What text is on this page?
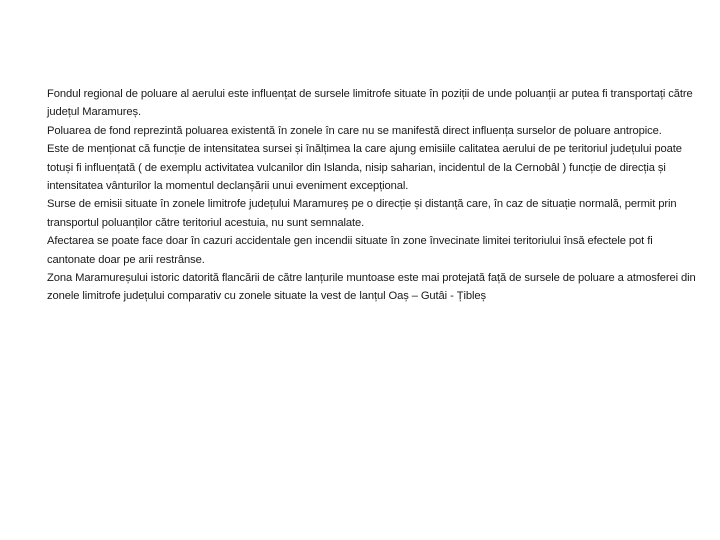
Fondul regional de poluare al aerului este influențat de sursele limitrofe situate în poziții de unde poluanții ar putea fi transportați către județul Maramureș.

Poluarea de fond reprezintă poluarea existentă în zonele în care nu se manifestă direct influența surselor de poluare antropice.

Este de menționat că funcție de intensitatea sursei și înălțimea la care ajung emisiile calitatea aerului de pe teritoriul județului poate totuși fi influențată ( de exemplu activitatea vulcanilor din Islanda, nisip saharian, incidentul de la Cernobâl ) funcție de direcția și intensitatea vânturilor la momentul declanșării unui eveniment excepțional.

Surse de emisii situate în zonele limitrofe județului Maramureș pe o direcție și distanță care, în caz de situație normală, permit prin transportul poluanților către teritoriul acestuia, nu sunt semnalate.

Afectarea se poate face doar în cazuri accidentale gen incendii situate în zone învecinate limitei teritoriului însă efectele pot fi cantonate doar pe arii restrânse.

Zona Maramureșului istoric datorită flancării de către lanțurile muntoase este mai protejată față de sursele de poluare a atmosferei din zonele limitrofe județului comparativ cu zonele situate la vest de lanțul Oaș – Gutâi - Țibleș
